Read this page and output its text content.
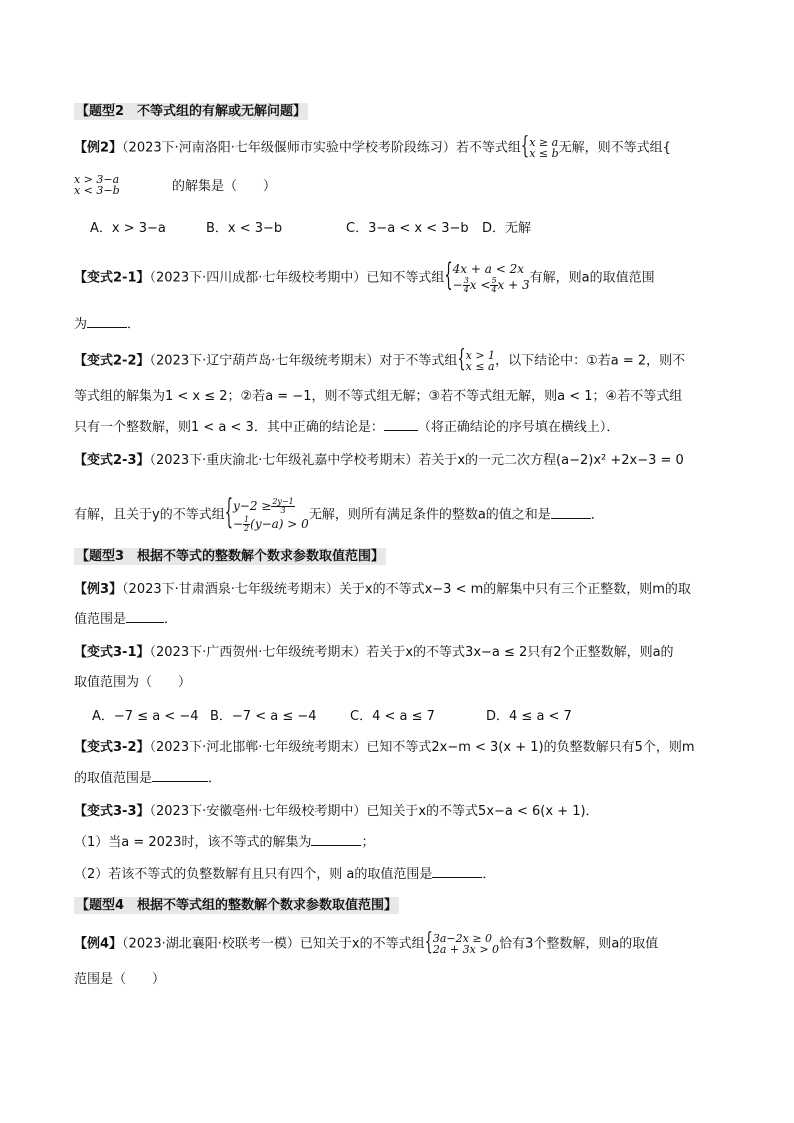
【题型2　不等式组的有解或无解问题】
【例2】（2023下·河南洛阳·七年级偃师市实验中学校考阶段练习）若不等式组{ x ≥ a
x ≤ b 无解，则不等式组{
x > 3−a
x < 3−b	的解集是（　　）
A．x > 3−a	B．x < 3−b	C．3−a < x < 3−b D．无解
【变式2-1】（2023下·四川成都·七年级校考期中）已知不等式组{ 4x + a < 2x
− $\frac{3}{4}$ $x < \frac{5}{4}$ x + 3 有解，则a的取值范围
为	．
【变式2-2】（2023下·辽宁葫芦岛·七年级统考期末）对于不等式组{ x > 1
x ≤ a ，以下结论中：①若a = 2，则不
等式组的解集为1 < x ≤ 2；②若a = −1，则不等式组无解；③若不等式组无解，则a < 1；④若不等式组
只有一个整数解，则1 < a < 3．其中正确的结论是：	（将正确结论的序号填在横线上）．
【变式2-3】（2023下·重庆渝北·七年级礼嘉中学校考期末）若关于x的一元二次方程(a−2)x² +2x−3 = 0
有解，且关于y的不等式组{ $y-2 \ge \frac{2y-1}{3}$
− $\frac{1}{2} (y-a) > 0$
无解，则所有满足条件的整数a的值之和是	．
【题型3　根据不等式的整数解个数求参数取值范围】
【例3】（2023下·甘肃酒泉·七年级统考期末）关于x的不等式x−3 < m的解集中只有三个正整数，则m的取
值范围是	．
【变式3-1】（2023下·广西贺州·七年级统考期末）若关于x的不等式3x−a ≤ 2只有2个正整数解，则a的
取值范围为（　　）
A．−7 ≤ a < −4 B．−7 < a ≤ −4	C．4 < a ≤ 7	D．4 ≤ a < 7
【变式3-2】（2023下·河北邯郸·七年级统考期末）已知不等式2x−m < 3(x + 1)的负整数解只有5个，则m
的取值范围是	．
【变式3-3】（2023下·安徽亳州·七年级校考期中）已知关于x的不等式5x−a < 6(x + 1)．
（1）当a = 2023时，该不等式的解集为	；
（2）若该不等式的负整数解有且只有四个，则 a的取值范围是	．
【题型4　根据不等式组的整数解个数求参数取值范围】
【例4】（2023·湖北襄阳·校联考一模）已知关于x的不等式组{ 3a−2x ≥ 0
2a + 3x > 0 恰有3个整数解，则a的取值
范围是（　　）
